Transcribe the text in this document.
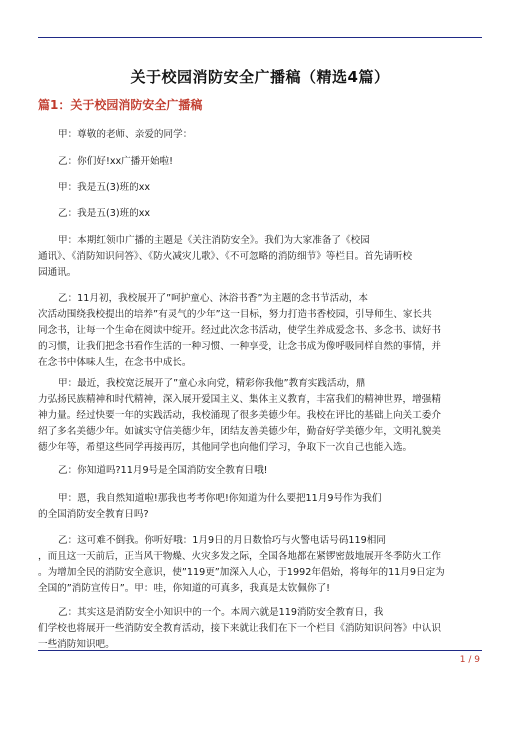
关于校园消防安全广播稿（精选4篇）
篇1：关于校园消防安全广播稿
甲：尊敬的老师、亲爱的同学：
乙：你们好!xx广播开始啦!
甲：我是五(3)班的xx
乙：我是五(3)班的xx
甲：本期红领巾广播的主题是《关注消防安全》。我们为大家准备了《校园
通讯》、《消防知识问答》、《防火减灾儿歌》、《不可忽略的消防细节》等栏目。首先请听校
园通讯。
乙：11月初，我校展开了”呵护童心、沐浴书香”为主题的念书节活动，本
次活动围绕我校提出的培养”有灵气的少年”这一目标，努力打造书香校园，引导师生、家长共
同念书，让每一个生命在阅读中绽开。经过此次念书活动，使学生养成爱念书、多念书、读好书
的习惯，让我们把念书看作生活的一种习惯、一种享受，让念书成为像呼吸同样自然的事情，并
在念书中体味人生，在念书中成长。
甲：最近，我校宽泛展开了”童心永向党，精彩你我他”教育实践活动，鼎
力弘扬民族精神和时代精神，深入展开爱国主义、集体主义教育，丰富我们的精神世界，增强精
神力量。经过快要一年的实践活动，我校涌现了很多美德少年。我校在评比的基础上向关工委介
绍了多名美德少年。如诚实守信美德少年，团结友善美德少年，勤奋好学美德少年，文明礼貌美
德少年等，希望这些同学再接再厉，其他同学也向他们学习，争取下一次自己也能入选。
乙：你知道吗?11月9号是全国消防安全教育日哦!
甲：恩，我自然知道啦!那我也考考你吧!你知道为什么要把11月9号作为我们
的全国消防安全教育日吗?
乙：这可难不倒我。你听好哦：1月9日的月日数恰巧与火警电话号码119相同
，而且这一天前后，正当风干物燥、火灾多发之际，全国各地都在紧锣密鼓地展开冬季防火工作
。为增加全民的消防安全意识，使”119更”加深入人心，于1992年倡始，将每年的11月9日定为
全国的”消防宣传日”。甲：哇，你知道的可真多，我真是太钦佩你了!
乙：其实这是消防安全小知识中的一个。本周六就是119消防安全教育日，我
们学校也将展开一些消防安全教育活动，接下来就让我们在下一个栏目《消防知识问答》中认识
一些消防知识吧。
1 / 9
